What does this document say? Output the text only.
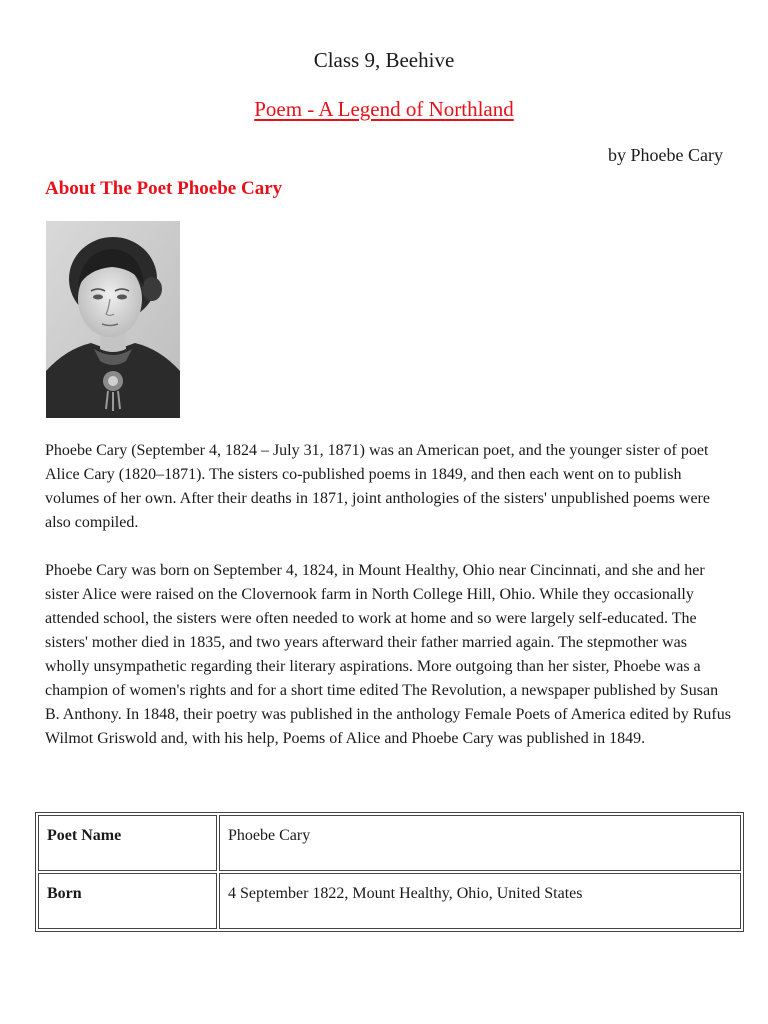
Class 9, Beehive
Poem - A Legend of Northland
by Phoebe Cary
About The Poet Phoebe Cary

Phoebe Cary (September 4, 1824 – July 31, 1871) was an American poet, and the younger sister of poet Alice Cary (1820–1871). The sisters co-published poems in 1849, and then each went on to publish volumes of her own. After their deaths in 1871, joint anthologies of the sisters' unpublished poems were also compiled.

Phoebe Cary was born on September 4, 1824, in Mount Healthy, Ohio near Cincinnati, and she and her sister Alice were raised on the Clovernook farm in North College Hill, Ohio. While they occasionally attended school, the sisters were often needed to work at home and so were largely self-educated. The sisters' mother died in 1835, and two years afterward their father married again. The stepmother was wholly unsympathetic regarding their literary aspirations. More outgoing than her sister, Phoebe was a champion of women's rights and for a short time edited The Revolution, a newspaper published by Susan B. Anthony. In 1848, their poetry was published in the anthology Female Poets of America edited by Rufus Wilmot Griswold and, with his help, Poems of Alice and Phoebe Cary was published in 1849.

Poet Name	Phoebe Cary
Born	4 September 1822, Mount Healthy, Ohio, United States
